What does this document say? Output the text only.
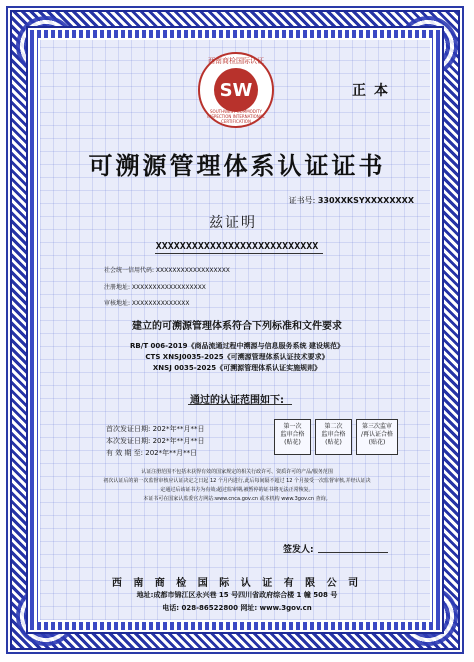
西南商检国际认证
SW
SOUTHWEST COMMODITY INSPECTION INTERNATIONAL CERTIFICATION
正本
可溯源管理体系认证证书
证书号: 330XXKSYXXXXXXXX
兹证明
XXXXXXXXXXXXXXXXXXXXXXXXXXX
社会统一信用代码: XXXXXXXXXXXXXXXXXX
注册地址: XXXXXXXXXXXXXXXXXX
审核地址: XXXXXXXXXXXXXX
建立的可溯源管理体系符合下列标准和文件要求
RB/T 006-2019《商品流通过程中溯源与信息服务系统 建设规范》
CTS XNSJ0035-2025《可溯源管理体系认证技术要求》
XNSJ 0035-2025《可溯源管理体系认证实施规则》
通过的认证范围如下:
首次发证日期: 202*年**月**日
本次发证日期: 202*年**月**日
有 效 期 至: 202*年**月**日
第一次
监审合格
(贴花)
第二次
监审合格
(贴花)
第三次监审
/再认证合格
(贴花)
认证注册范围不包括未获得有效的国家规定的相关行政许可、资质许可的产品/服务范围
初次认证后的第一次监督审核应认证决定之日起 12 个月内进行,此后每间隔不超过 12 个月接受一次监督审核,并经认证决
定通过后该证书方为有效;超过监审期,被暂停的证书将无法正常恢复。
本证书可在国家认监委官方网站:www.cnca.gov.cn 或本机构 www.3gov.cn 查询。
签发人:
西 南 商 检 国 际 认 证 有 限 公 司
地址:成都市锦江区永兴巷 15 号四川省政府综合楼 1 幢 508 号
电话: 028-86522800 网址: www.3gov.cn
